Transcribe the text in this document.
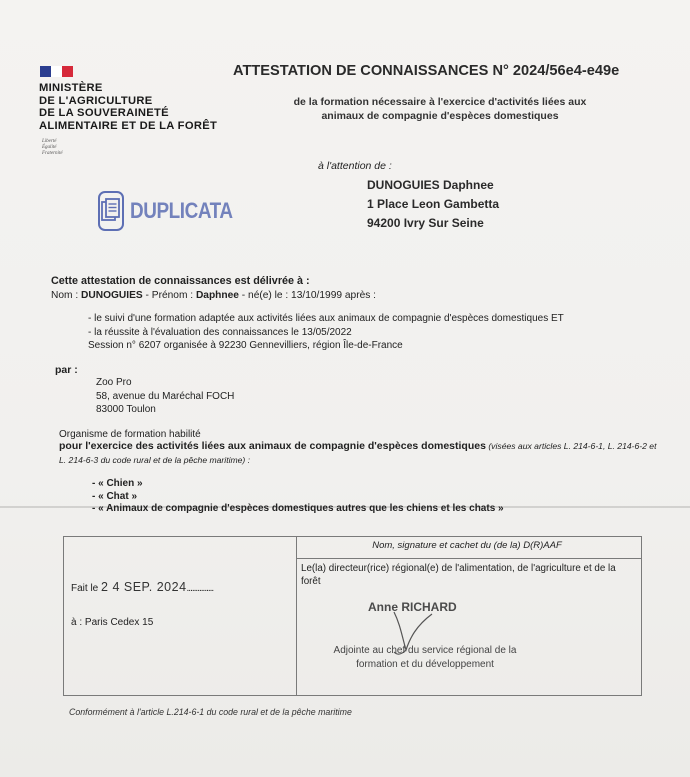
MINISTÈRE
DE L'AGRICULTURE
DE LA SOUVERAINETÉ
ALIMENTAIRE ET DE LA FORÊT
Liberté
Égalité
Fraternité
ATTESTATION DE CONNAISSANCES N° 2024/56e4-e49e
de la formation nécessaire à l'exercice d'activités liées aux
animaux de compagnie d'espèces domestiques
à l'attention de :
DUNOGUIES Daphnee
1 Place Leon Gambetta
94200 Ivry Sur Seine
DUPLICATA
Cette attestation de connaissances est délivrée à :
Nom : DUNOGUIES - Prénom : Daphnee - né(e) le : 13/10/1999 après :
- le suivi d'une formation adaptée aux activités liées aux animaux de compagnie d'espèces domestiques ET
- la réussite à l'évaluation des connaissances le 13/05/2022
Session n° 6207 organisée à 92230 Gennevilliers, région Île-de-France
par :
Zoo Pro
58, avenue du Maréchal FOCH
83000 Toulon
Organisme de formation habilité
pour l'exercice des activités liées aux animaux de compagnie d'espèces domestiques (visées aux articles L. 214-6-1, L. 214-6-2 et L. 214-6-3 du code rural et de la pêche maritime) :
- « Chien »
- « Chat »
- « Animaux de compagnie d'espèces domestiques autres que les chiens et les chats »
Nom, signature et cachet du (de la) D(R)AAF
Fait le 2 4 SEP. 2024...............
à : Paris Cedex 15
Le(la) directeur(rice) régional(e) de l'alimentation, de l'agriculture et de la forêt
Anne RICHARD
Adjointe au chef du service régional de la
formation et du développement
Conformément à l'article L.214-6-1 du code rural et de la pêche maritime
